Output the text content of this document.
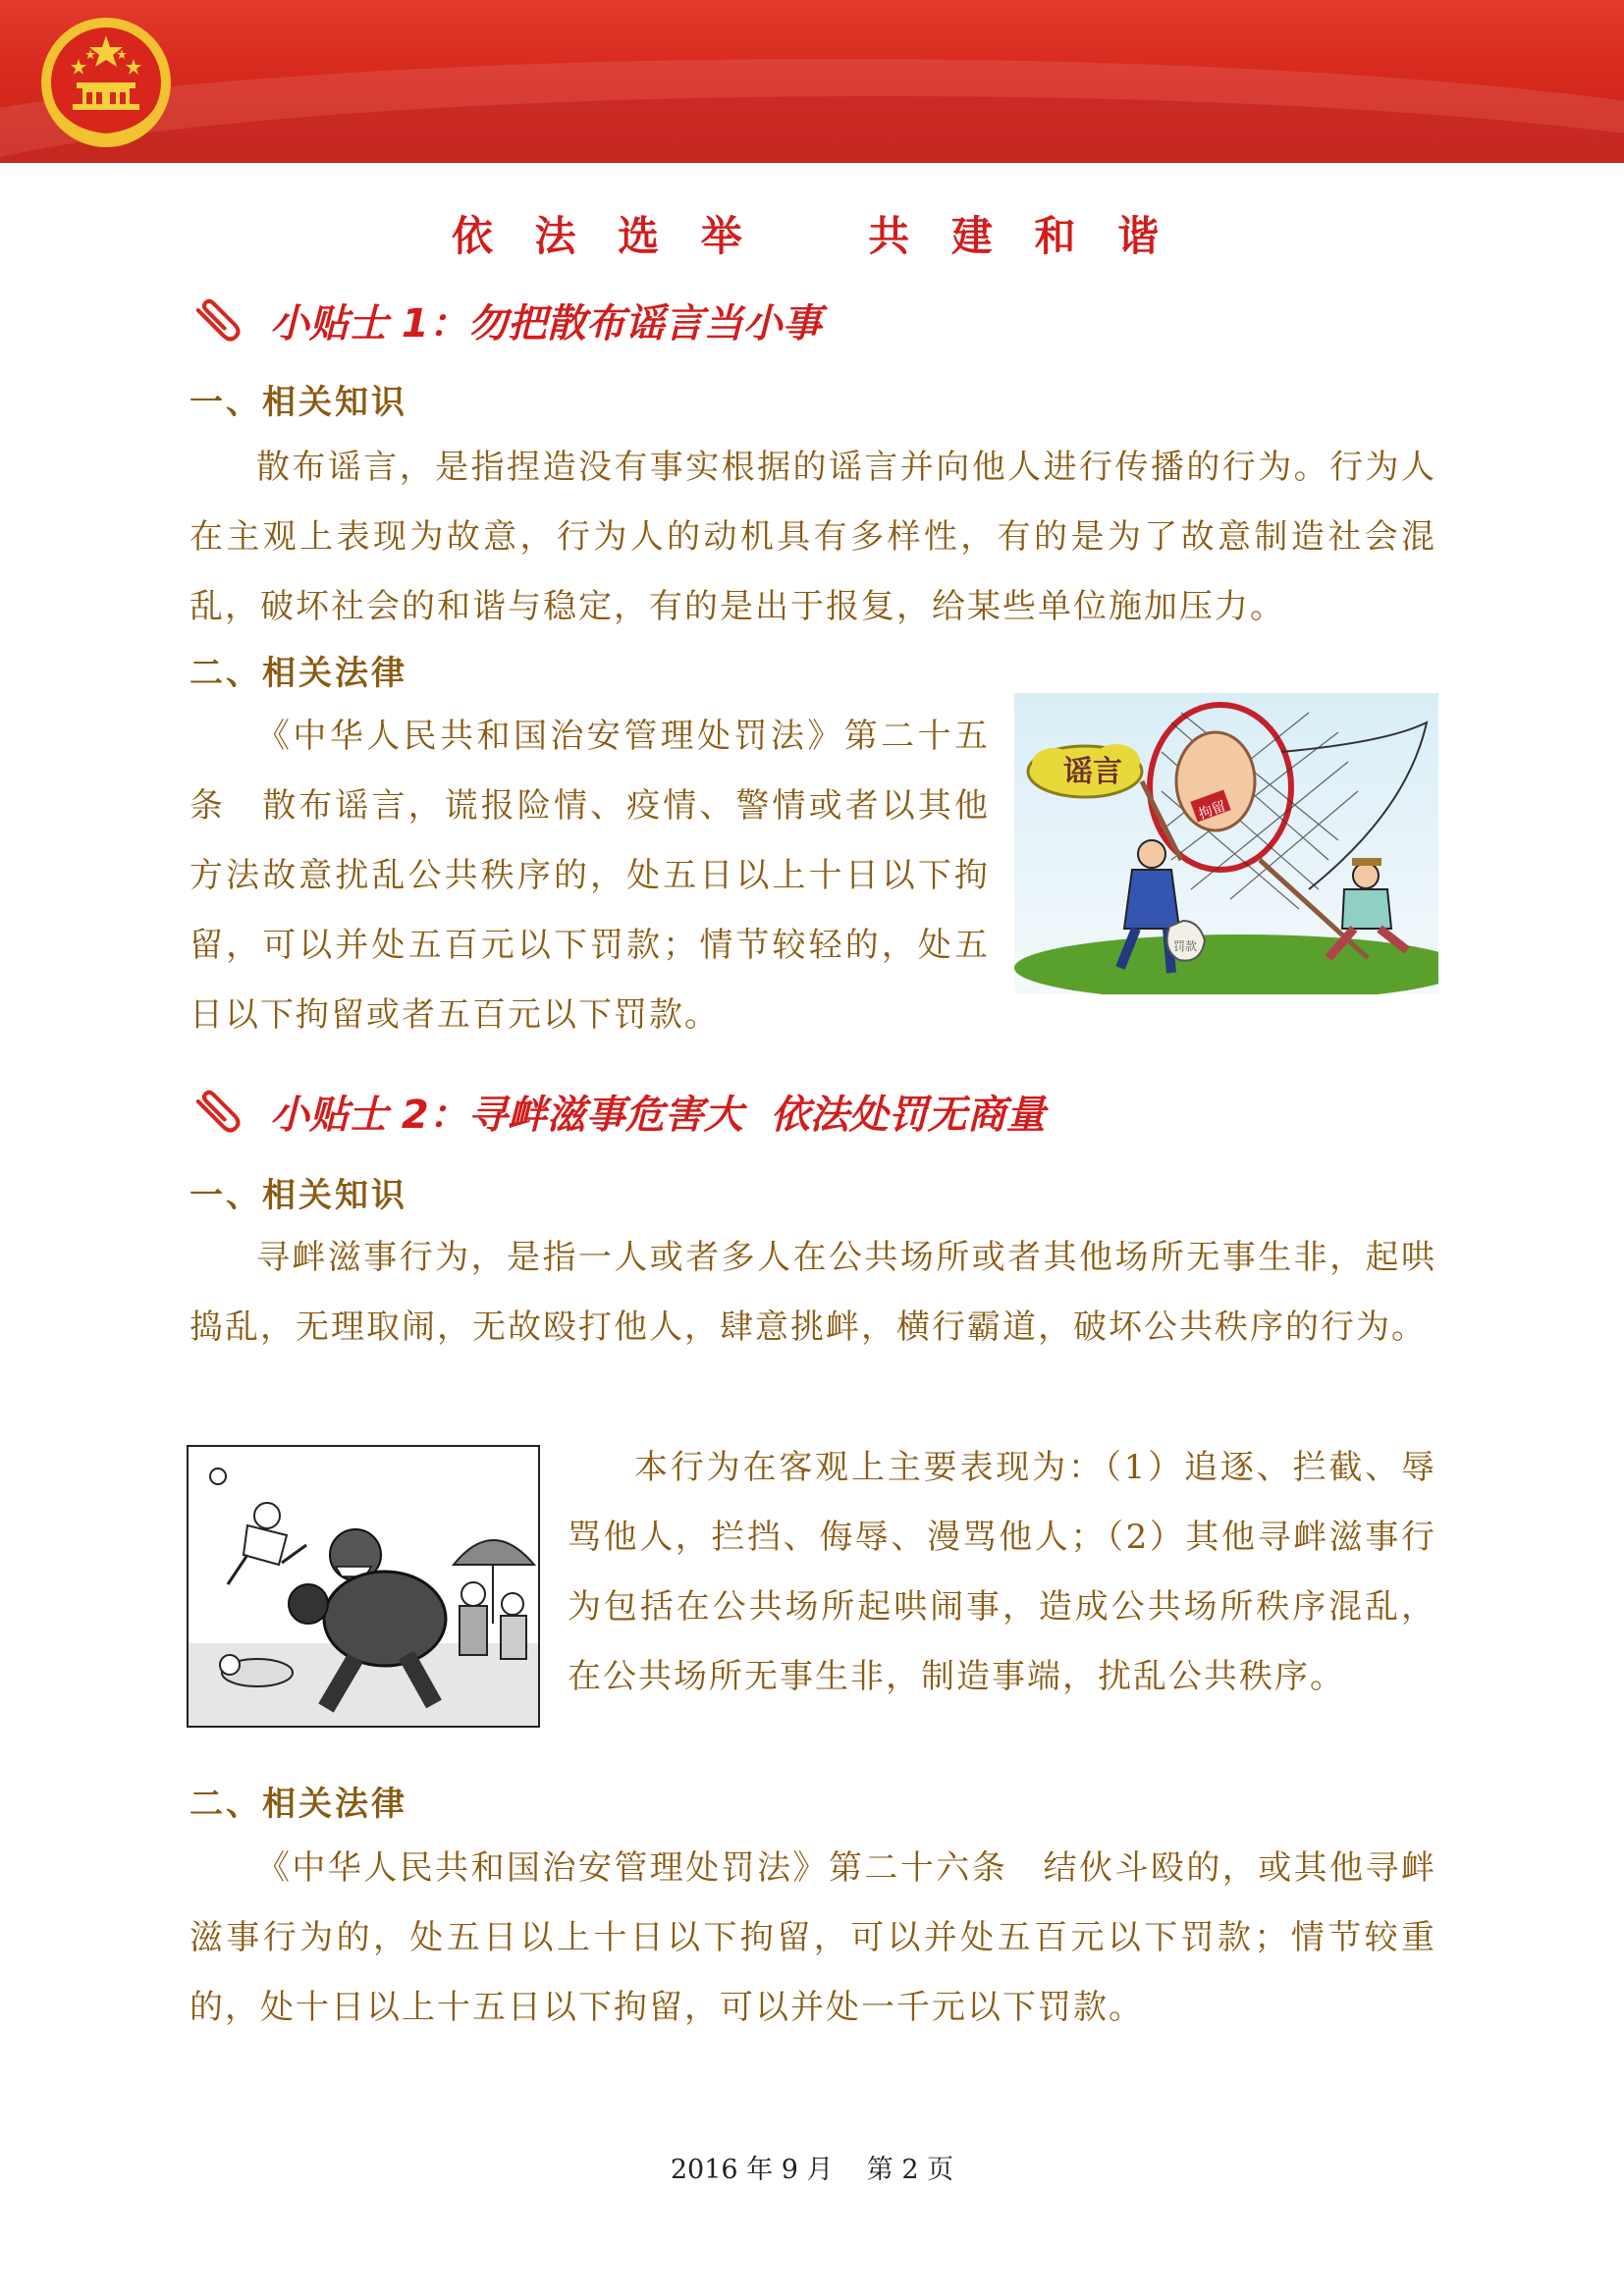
依 法 选 举    共 建 和 谐
小贴士 1：勿把散布谣言当小事
一、相关知识

散布谣言，是指捏造没有事实根据的谣言并向他人进行传播的行为。行为人在主观上表现为故意，行为人的动机具有多样性，有的是为了故意制造社会混乱，破坏社会的和谐与稳定，有的是出于报复，给某些单位施加压力。

二、相关法律

《中华人民共和国治安管理处罚法》第二十五条　散布谣言，谎报险情、疫情、警情或者以其他方法故意扰乱公共秩序的，处五日以上十日以下拘留，可以并处五百元以下罚款；情节较轻的，处五日以下拘留或者五百元以下罚款。

谣言
拘留
罚款
小贴士 2：寻衅滋事危害大  依法处罚无商量
一、相关知识

寻衅滋事行为，是指一人或者多人在公共场所或者其他场所无事生非，起哄捣乱，无理取闹，无故殴打他人，肆意挑衅，横行霸道，破坏公共秩序的行为。

本行为在客观上主要表现为：（1）追逐、拦截、辱骂他人，拦挡、侮辱、漫骂他人；（2）其他寻衅滋事行为包括在公共场所起哄闹事，造成公共场所秩序混乱，在公共场所无事生非，制造事端，扰乱公共秩序。

二、相关法律

《中华人民共和国治安管理处罚法》第二十六条　结伙斗殴的，或其他寻衅滋事行为的，处五日以上十日以下拘留，可以并处五百元以下罚款；情节较重的，处十日以上十五日以下拘留，可以并处一千元以下罚款。

2016 年 9 月    第 2 页
